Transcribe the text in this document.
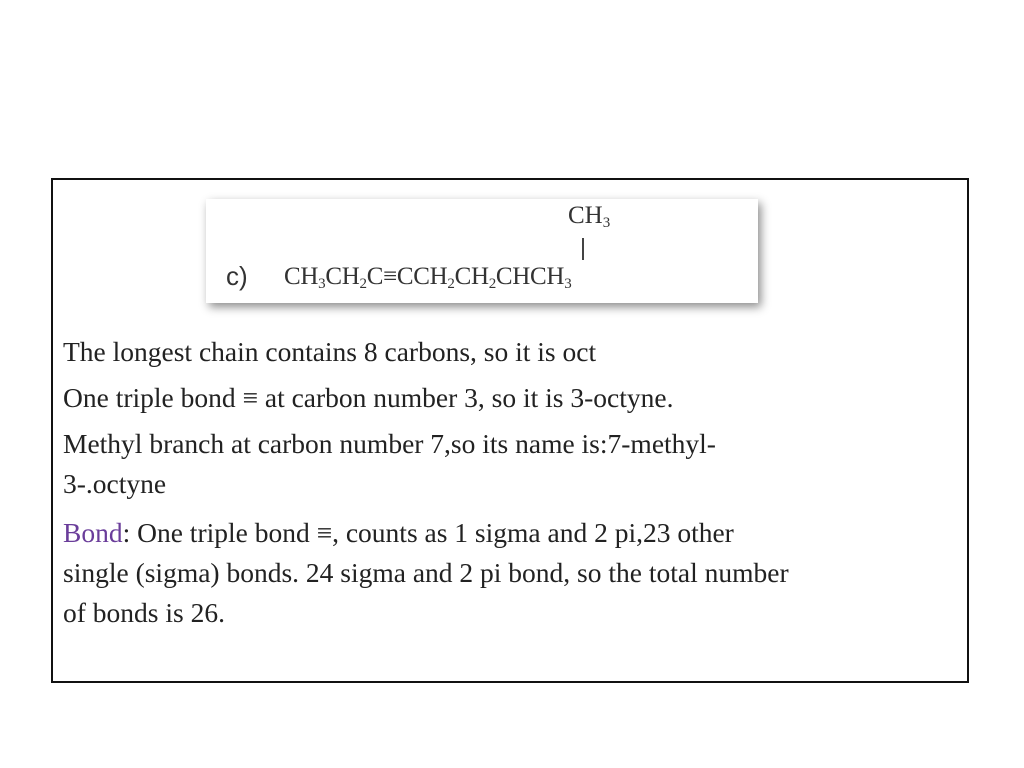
c)
$CH_3$
$CH_3CH_2C\equiv CCH_2CH_2CHCH_3$

The longest chain contains 8 carbons, so it is oct

One triple bond ≡ at carbon number 3, so it is 3-octyne.

Methyl branch at carbon number 7,so its name is:7-methyl-
3-.octyne

Bond: One triple bond ≡, counts as 1 sigma and 2 pi,23 other
single (sigma) bonds. 24 sigma and 2 pi bond, so the total number
of bonds is 26.
